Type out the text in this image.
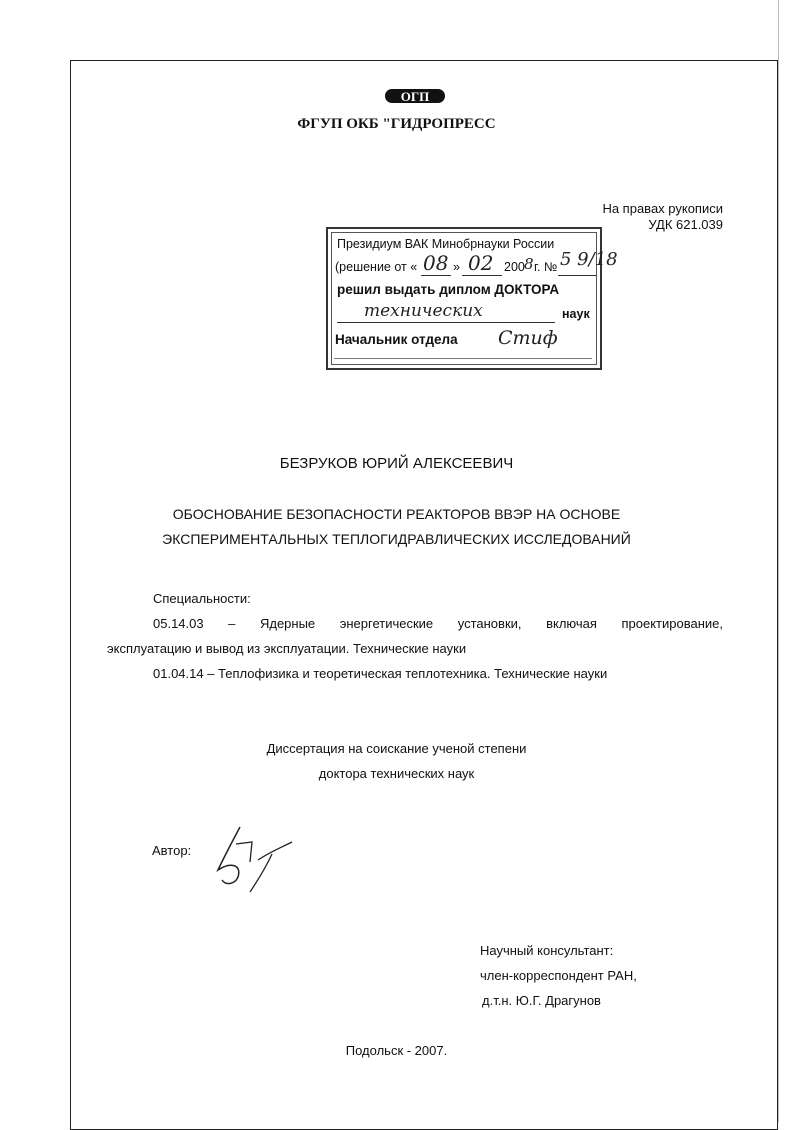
ОГП
ФГУП ОКБ "ГИДРОПРЕСС
На правах рукописи
УДК 621.039
Президиум ВАК Минобрнауки России
(решение от « 08 » 02 200 8 г. № 5 9/18
решил выдать диплом ДОКТОРА
технических	наук
Начальник отдела Стиф
БЕЗРУКОВ ЮРИЙ АЛЕКСЕЕВИЧ
ОБОСНОВАНИЕ БЕЗОПАСНОСТИ РЕАКТОРОВ ВВЭР НА ОСНОВЕ
ЭКСПЕРИМЕНТАЛЬНЫХ ТЕПЛОГИДРАВЛИЧЕСКИХ ИССЛЕДОВАНИЙ
Специальности:
05.14.03 – Ядерные энергетические установки, включая проектирование,
эксплуатацию и вывод из эксплуатации. Технические науки
01.04.14 – Теплофизика и теоретическая теплотехника. Технические науки
Диссертация на соискание ученой степени
доктора технических наук
Автор:
Научный консультант:
член-корреспондент РАН,
д.т.н. Ю.Г. Драгунов
Подольск - 2007.
